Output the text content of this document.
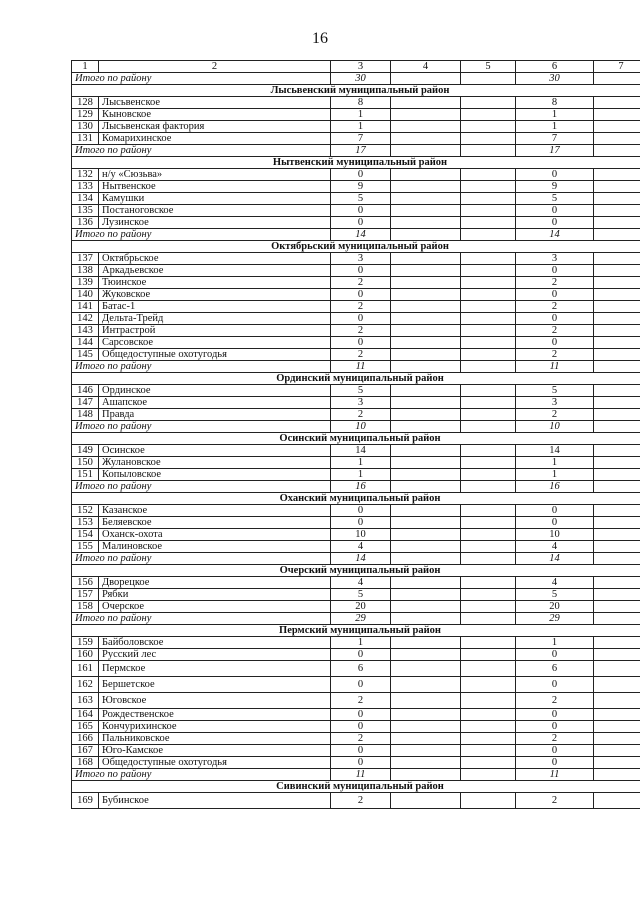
16
1	2	3	4	5	6	7
Итого по району		30			30	
Лысьвенский муниципальный район						
128	Лысьвенское	8			8	
129	Кыновское	1			1	
130	Лысьвенская фактория	1			1	
131	Комарихинское	7			7	
Итого по району		17			17	
Нытвенский муниципальный район						
132	н/у «Сюзьва»	0			0	
133	Нытвенское	9			9	
134	Камушки	5			5	
135	Постаноговское	0			0	
136	Лузинское	0			0	
Итого по району		14			14	
Октябрьский муниципальный район						
137	Октябрьское	3			3	
138	Аркадьевское	0			0	
139	Тюинское	2			2	
140	Жуковское	0			0	
141	Батас-1	2			2	
142	Дельта-Трейд	0			0	
143	Интрастрой	2			2	
144	Сарсовское	0			0	
145	Общедоступные охотугодья	2			2	
Итого по району		11			11	
Ординский муниципальный район						
146	Ординское	5			5	
147	Ашапское	3			3	
148	Правда	2			2	
Итого по району		10			10	
Осинский муниципальный район						
149	Осинское	14			14	
150	Жулановское	1			1	
151	Копыловское	1			1	
Итого по району		16			16	
Оханский муниципальный район						
152	Казанское	0			0	
153	Беляевское	0			0	
154	Оханск-охота	10			10	
155	Малиновское	4			4	
Итого по району		14			14	
Очерский муниципальный район						
156	Дворецкое	4			4	
157	Рябки	5			5	
158	Очерское	20			20	
Итого по району		29			29	
Пермский муниципальный район						
159	Байболовское	1			1	
160	Русский лес	0			0	
161	Пермское	6			6	
162	Бершетское	0			0	
163	Юговское	2			2	
164	Рождественское	0			0	
165	Кончурихинское	0			0	
166	Пальниковское	2			2	
167	Юго-Камское	0			0	
168	Общедоступные охотугодья	0			0	
Итого по району		11			11	
Сивинский муниципальный район						
169	Бубинское	2			2	
